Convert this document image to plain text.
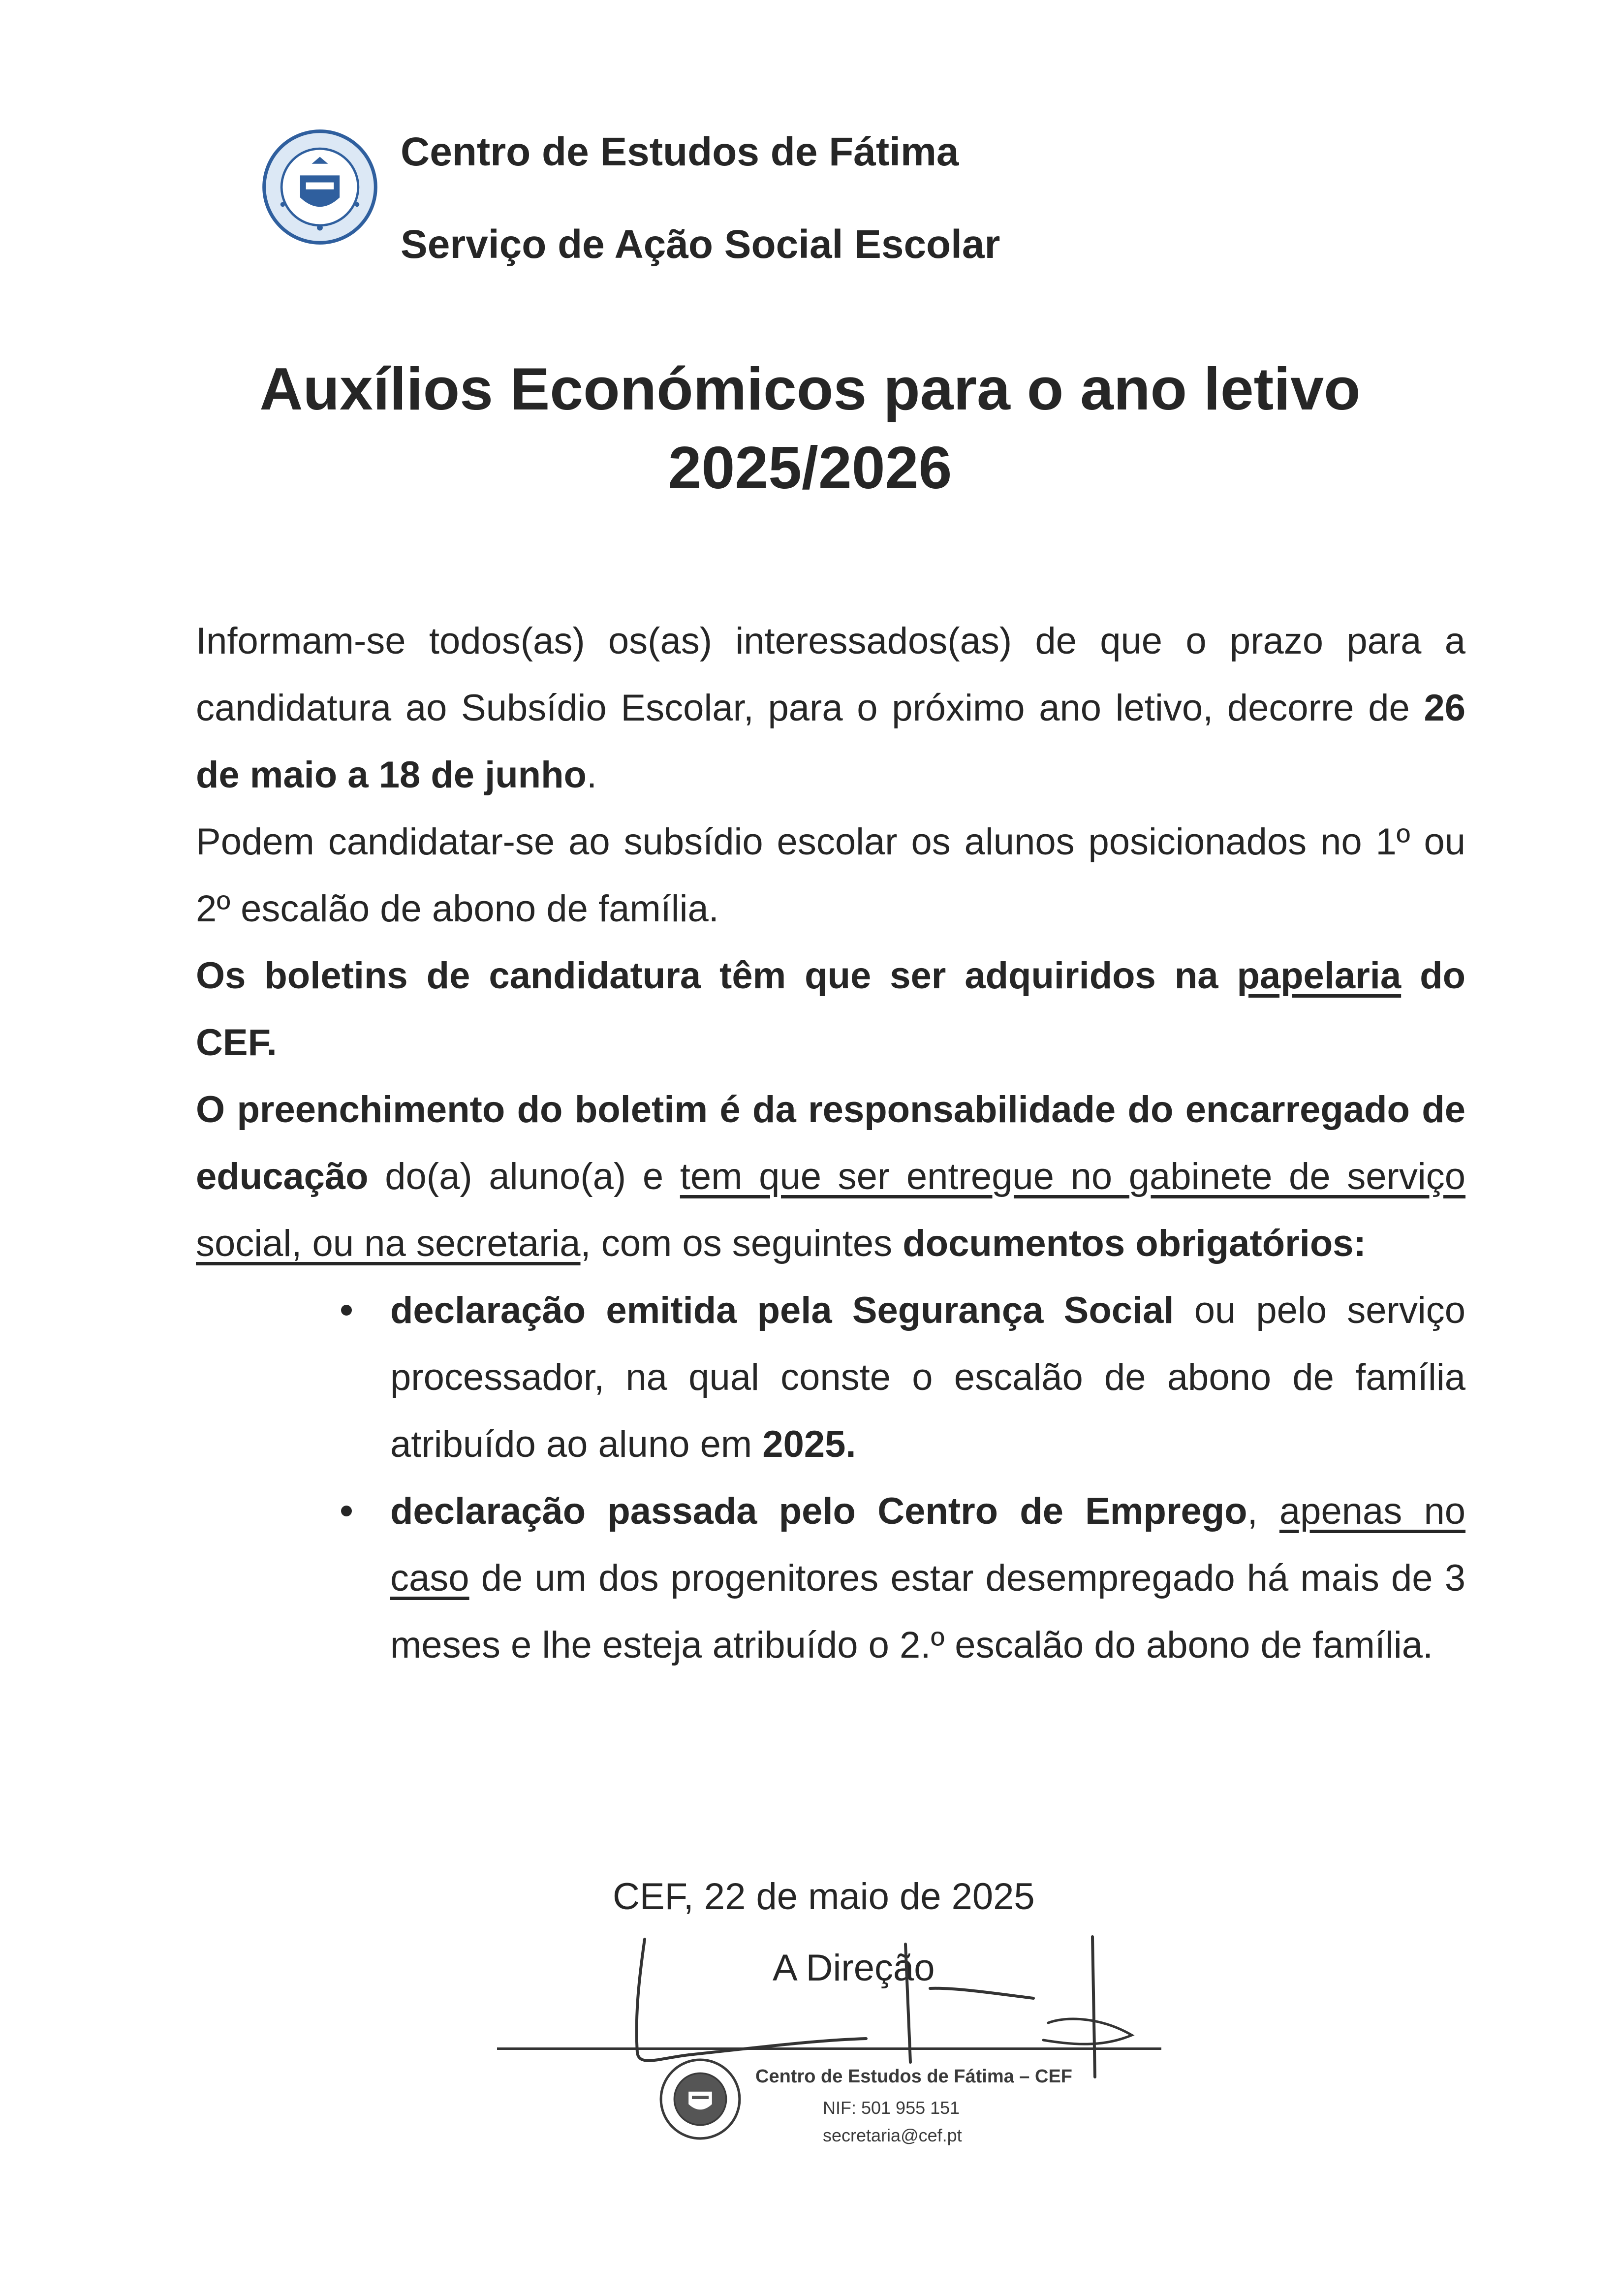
Centro de Estudos de Fátima
Serviço de Ação Social Escolar
Auxílios Económicos para o ano letivo
2025/2026

Informam-se todos(as) os(as) interessados(as) de que o prazo para a candidatura ao Subsídio Escolar, para o próximo ano letivo, decorre de 26 de maio a 18 de junho.

Podem candidatar-se ao subsídio escolar os alunos posicionados no 1º ou 2º escalão de abono de família.

Os boletins de candidatura têm que ser adquiridos na papelaria do CEF.

O preenchimento do boletim é da responsabilidade do encarregado de educação do(a) aluno(a) e tem que ser entregue no gabinete de serviço social, ou na secretaria, com os seguintes documentos obrigatórios:

declaração emitida pela Segurança Social ou pelo serviço processador, na qual conste o escalão de abono de família atribuído ao aluno em 2025.
declaração passada pelo Centro de Emprego, apenas no caso de um dos progenitores estar desempregado há mais de 3 meses e lhe esteja atribuído o 2.º escalão do abono de família.
CEF, 22 de maio de 2025
A Direção
Centro de Estudos de Fátima – CEF
NIF: 501 955 151
secretaria@cef.pt
